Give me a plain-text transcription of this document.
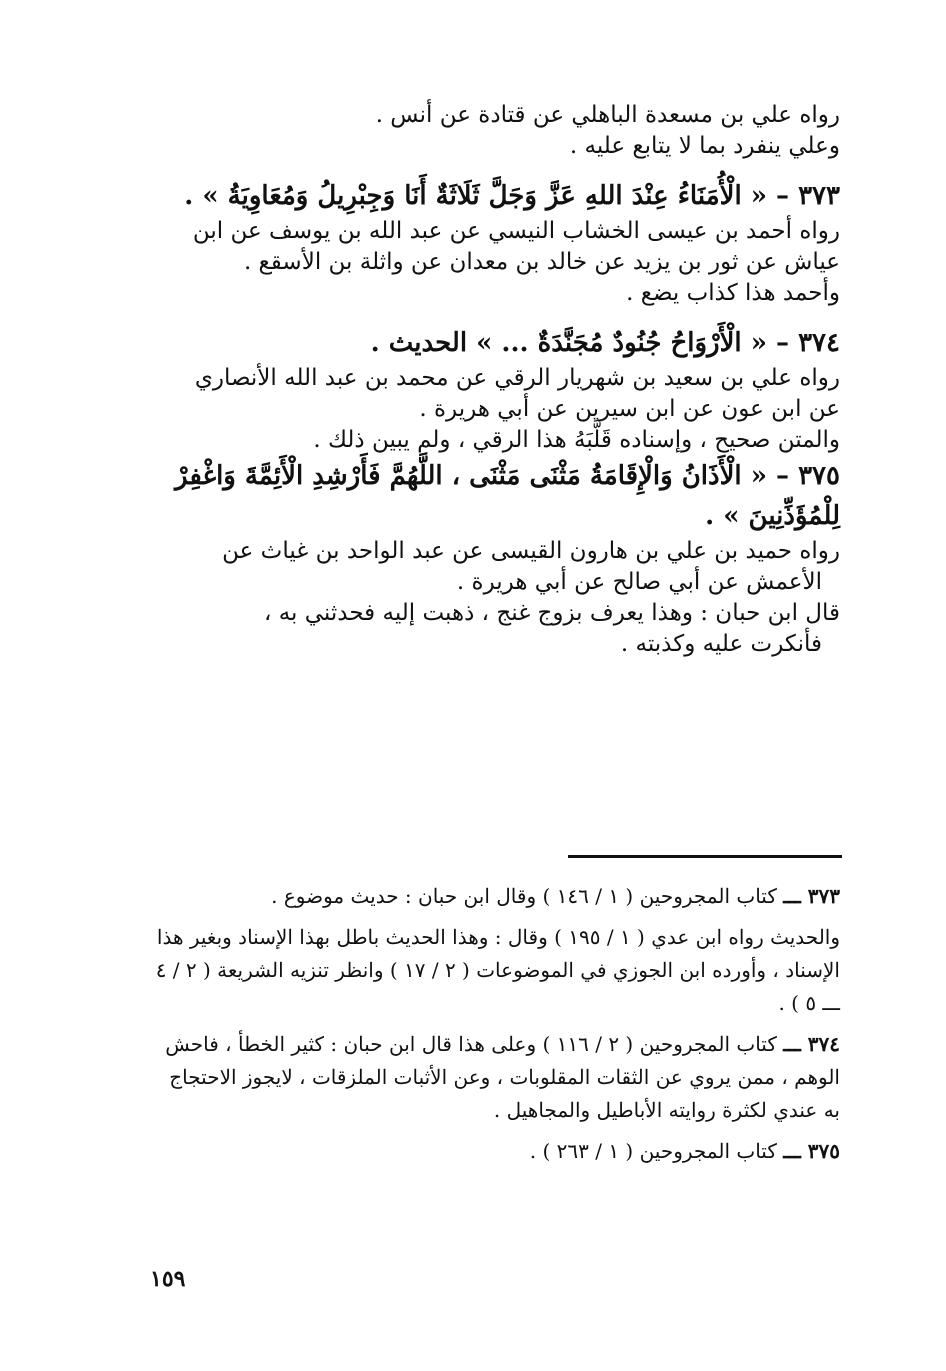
رواه علي بن مسعدة الباهلي عن قتادة عن أنس .
وعلي ينفرد بما لا يتابع عليه .
٣٧٣ – « الْأُمَنَاءُ عِنْدَ اللهِ عَزَّ وَجَلَّ ثَلَاثَةٌ أَنَا وَجِبْرِيلُ وَمُعَاوِيَةُ » .
رواه أحمد بن عيسى الخشاب النيسي عن عبد الله بن يوسف عن ابن
عياش عن ثور بن يزيد عن خالد بن معدان عن واثلة بن الأسقع .
وأحمد هذا كذاب يضع .
٣٧٤ – « الْأَرْوَاحُ جُنُودٌ مُجَنَّدَةٌ ... » الحديث .
رواه علي بن سعيد بن شهريار الرقي عن محمد بن عبد الله الأنصاري
عن ابن عون عن ابن سيرين عن أبي هريرة .
والمتن صحيح ، وإسناده قَلَّبَهُ هذا الرقي ، ولم يبين ذلك .
٣٧٥ – « الْأَذَانُ وَالْإِقَامَةُ مَثْنَى مَثْنَى ، اللَّهُمَّ فَأَرْشِدِ الْأَئِمَّةَ وَاغْفِرْ لِلْمُؤَذِّنِينَ » .
رواه حميد بن علي بن هارون القيسى عن عبد الواحد بن غياث عن
الأعمش عن أبي صالح عن أبي هريرة .
قال ابن حبان : وهذا يعرف بزوج غنج ، ذهبت إليه فحدثني به ،
فأنكرت عليه وكذبته .
٣٧٣ ـــ كتاب المجروحين ( ١ / ١٤٦ ) وقال ابن حبان : حديث موضوع .
والحديث رواه ابن عدي ( ١ / ١٩٥ ) وقال : وهذا الحديث باطل بهذا الإسناد وبغير هذا الإسناد ، وأورده ابن الجوزي في الموضوعات ( ٢ / ١٧ ) وانظر تنزيه الشريعة ( ٢ / ٤ ـــ ٥ ) .
٣٧٤ ـــ كتاب المجروحين ( ٢ / ١١٦ ) وعلى هذا قال ابن حبان : كثير الخطأ ، فاحش الوهم ، ممن يروي عن الثقات المقلوبات ، وعن الأثبات الملزقات ، لايجوز الاحتجاج به عندي لكثرة روايته الأباطيل والمجاهيل .
٣٧٥ ـــ كتاب المجروحين ( ١ / ٢٦٣ ) .
١٥٩
